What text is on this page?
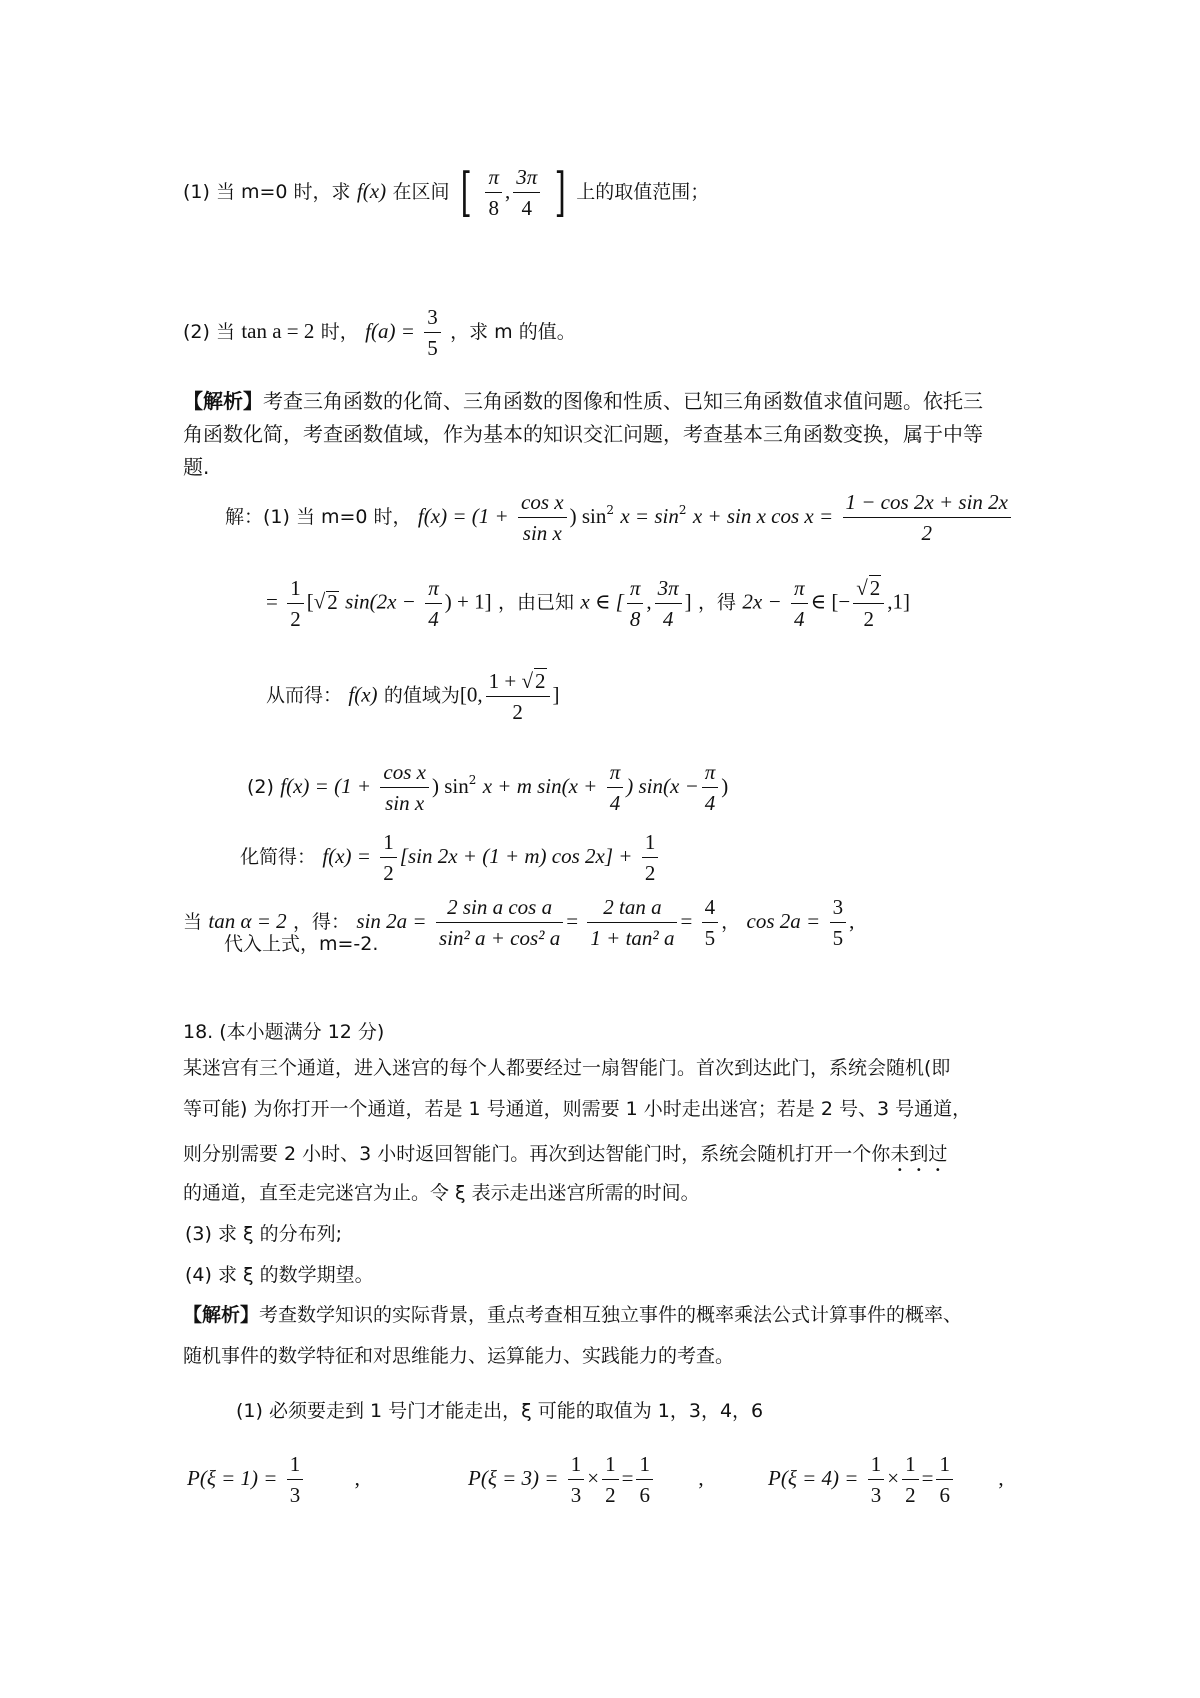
(1) 当 m=0 时，求 f(x) 在区间 [ $\frac{\pi}{8}$ , $\frac{3\pi}{4}$ ] 上的取值范围；
(2) 当 tan a = 2 时， $f(a) = \frac{3}{5}$ ，求 m 的值。
【解析】考查三角函数的化简、三角函数的图像和性质、已知三角函数值求值问题。依托三
角函数化简，考查函数值域，作为基本的知识交汇问题，考查基本三角函数变换，属于中等
题.
解：(1) 当 m=0 时， $f(x) = (1 + \frac{\text{cos x}}{\text{sin x}}$ ) $\sin^2 x = \sin^2 x + \sin x$ $\cos x = \frac{1 - \cos 2x + \sin 2x}{2}$
= $\frac{1}{2} [√2$ $\sin(2x - \frac{\pi}{4}$ ) + 1] ，由已知 x ∈ [ $\frac{\pi}{8}$ , $\frac{3\pi}{4}$ ] ，得 $2x - \frac{\pi}{4}$ ∈ [− $\frac{√2}{2} ,1$]
从而得： f(x) 的值域为[0, $\frac{1 + √2}{2}$ ]
(2) $f(x) = (1 + \frac{\text{cos x}}{\text{sin x}}$ ) $\sin^2 x + m$ $\sin(x + \frac{\pi}{4}$ ) $\sin(x - \frac{\pi}{4}$ )
化简得： $f(x) = \frac{1}{2} [\sin$ 2x + (1 + m) $\cos 2x] + \frac{1}{2}$
当 tan α = 2 ，得： $\sin 2a = \frac{\text{2 sin a cos a}}{\text{sin² a + cos² a}} = \frac{\text{2 tan a}}{\text{1 + tan² a}} = \frac{4}{5}$ ， $\cos 2a = \frac{3}{5}$ ,
代入上式，m=-2.
18. (本小题满分 12 分)
某迷宫有三个通道，进入迷宫的每个人都要经过一扇智能门。首次到达此门，系统会随机(即
等可能) 为你打开一个通道，若是 1 号通道，则需要 1 小时走出迷宫；若是 2 号、3 号通道，
则分别需要 2 小时、3 小时返回智能门。再次到达智能门时，系统会随机打开一个你未到过
的通道，直至走完迷宫为止。令 ξ 表示走出迷宫所需的时间。
(3) 求 ξ 的分布列;
(4) 求 ξ 的数学期望。
【解析】考查数学知识的实际背景，重点考查相互独立事件的概率乘法公式计算事件的概率、
随机事件的数学特征和对思维能力、运算能力、实践能力的考查。
(1) 必须要走到 1 号门才能走出，ξ 可能的取值为 1，3，4，6
$P(\xi = 1) = \frac{1}{3}$ ,	$P(\xi = 3) = \frac{1}{3} \times \frac{1}{2} = \frac{1}{6}$ ,	$P(\xi = 4) = \frac{1}{3} \times \frac{1}{2} = \frac{1}{6}$ ,
